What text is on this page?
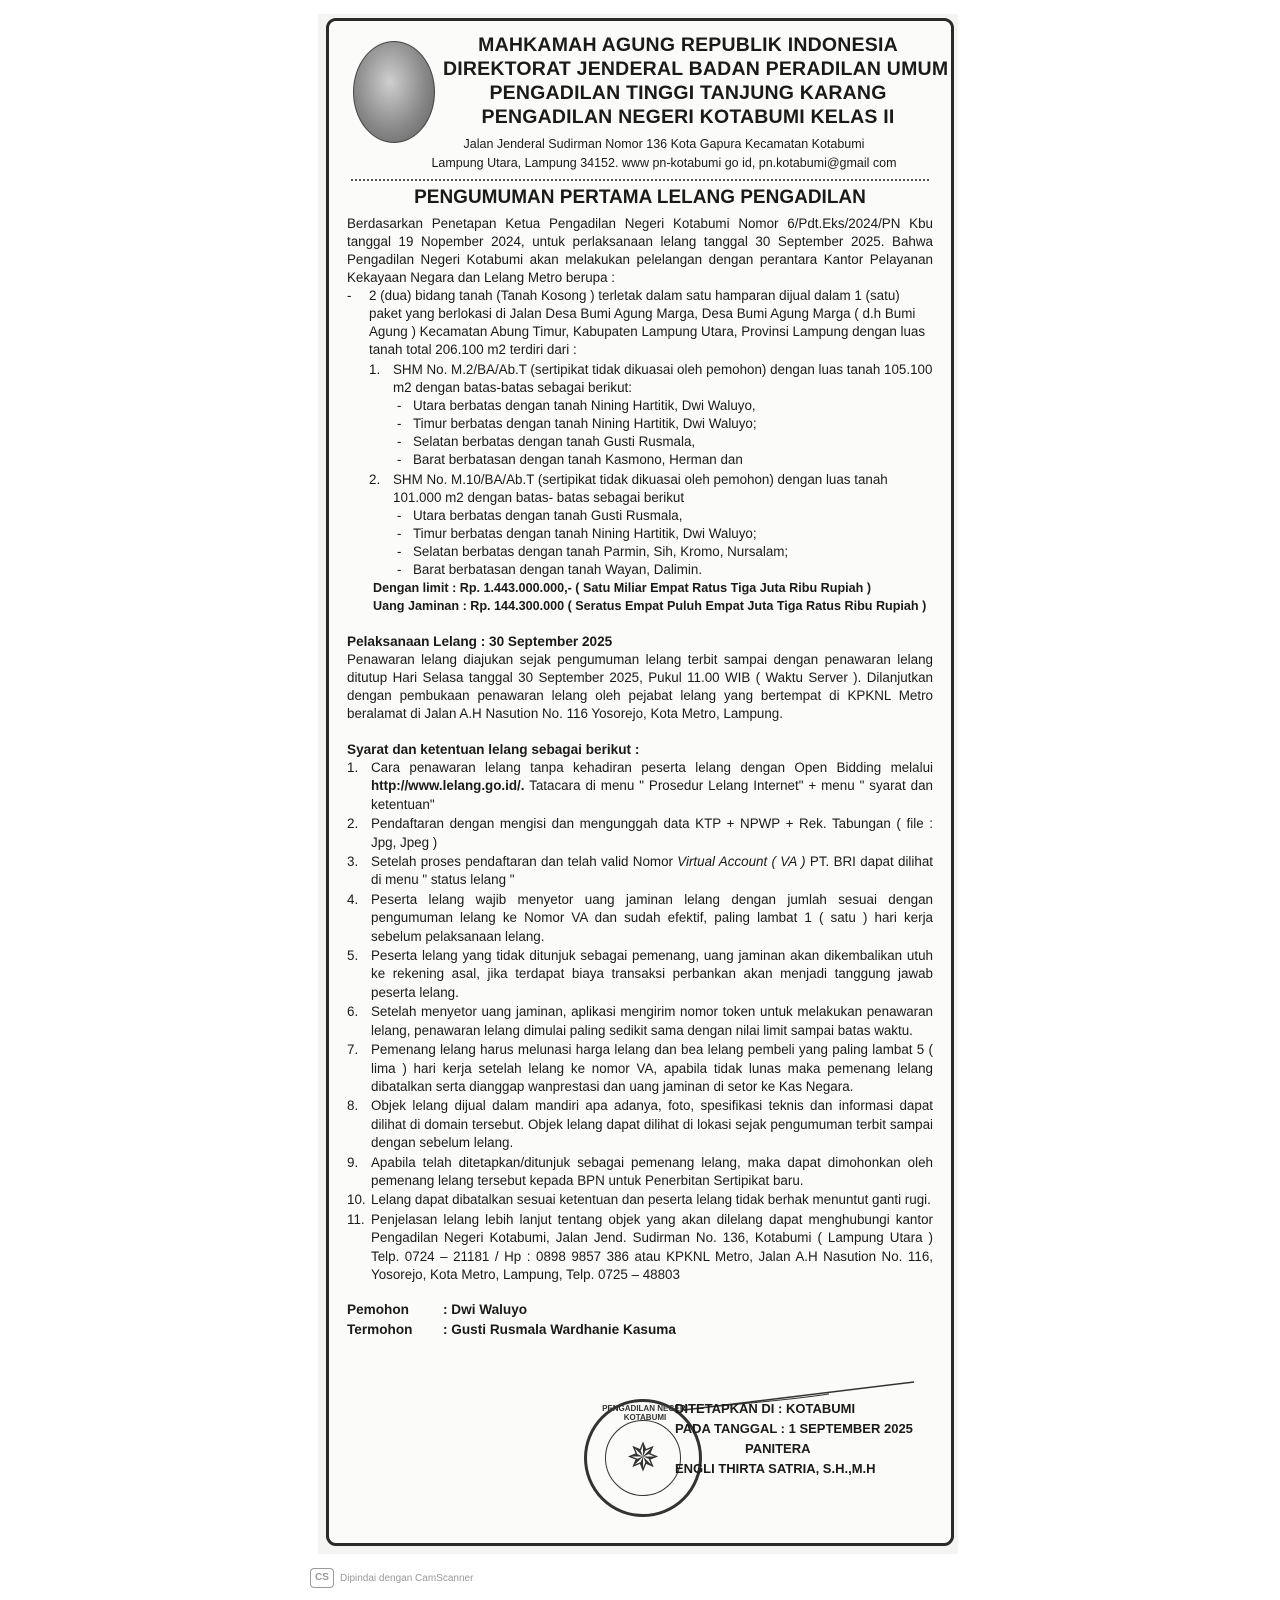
MAHKAMAH AGUNG REPUBLIK INDONESIA
DIREKTORAT JENDERAL BADAN PERADILAN UMUM
PENGADILAN TINGGI TANJUNG KARANG
PENGADILAN NEGERI KOTABUMI KELAS II
Jalan Jenderal Sudirman Nomor 136 Kota Gapura Kecamatan Kotabumi
Lampung Utara, Lampung 34152. www pn-kotabumi go id, pn.kotabumi@gmail com
PENGUMUMAN PERTAMA LELANG PENGADILAN

Berdasarkan Penetapan Ketua Pengadilan Negeri Kotabumi Nomor 6/Pdt.Eks/2024/PN Kbu tanggal 19 Nopember 2024, untuk perlaksanaan lelang tanggal 30 September 2025. Bahwa Pengadilan Negeri Kotabumi akan melakukan pelelangan dengan perantara Kantor Pelayanan Kekayaan Negara dan Lelang Metro berupa :

- 2 (dua) bidang tanah (Tanah Kosong ) terletak dalam satu hamparan dijual dalam 1 (satu) paket yang berlokasi di Jalan Desa Bumi Agung Marga, Desa Bumi Agung Marga ( d.h Bumi Agung ) Kecamatan Abung Timur, Kabupaten Lampung Utara, Provinsi Lampung dengan luas tanah total 206.100 m2 terdiri dari :
1. SHM No. M.2/BA/Ab.T (sertipikat tidak dikuasai oleh pemohon) dengan luas tanah 105.100 m2 dengan batas-batas sebagai berikut:
- Utara berbatas dengan tanah Nining Hartitik, Dwi Waluyo,
- Timur berbatas dengan tanah Nining Hartitik, Dwi Waluyo;
- Selatan berbatas dengan tanah Gusti Rusmala,
- Barat berbatasan dengan tanah Kasmono, Herman dan
2. SHM No. M.10/BA/Ab.T (sertipikat tidak dikuasai oleh pemohon) dengan luas tanah 101.000 m2 dengan batas- batas sebagai berikut
- Utara berbatas dengan tanah Gusti Rusmala,
- Timur berbatas dengan tanah Nining Hartitik, Dwi Waluyo;
- Selatan berbatas dengan tanah Parmin, Sih, Kromo, Nursalam;
- Barat berbatasan dengan tanah Wayan, Dalimin.
Dengan limit : Rp. 1.443.000.000,- ( Satu Miliar Empat Ratus Tiga Juta Ribu Rupiah )
Uang Jaminan : Rp. 144.300.000 ( Seratus Empat Puluh Empat Juta Tiga Ratus Ribu Rupiah )
Pelaksanaan Lelang : 30 September 2025

Penawaran lelang diajukan sejak pengumuman lelang terbit sampai dengan penawaran lelang ditutup Hari Selasa tanggal 30 September 2025, Pukul 11.00 WIB ( Waktu Server ). Dilanjutkan dengan pembukaan penawaran lelang oleh pejabat lelang yang bertempat di KPKNL Metro beralamat di Jalan A.H Nasution No. 116 Yosorejo, Kota Metro, Lampung.

Syarat dan ketentuan lelang sebagai berikut :
1. Cara penawaran lelang tanpa kehadiran peserta lelang dengan Open Bidding melalui http://www.lelang.go.id/. Tatacara di menu " Prosedur Lelang Internet" + menu " syarat dan ketentuan"
2. Pendaftaran dengan mengisi dan mengunggah data KTP + NPWP + Rek. Tabungan ( file : Jpg, Jpeg )
3. Setelah proses pendaftaran dan telah valid Nomor Virtual Account ( VA ) PT. BRI dapat dilihat di menu " status lelang "
4. Peserta lelang wajib menyetor uang jaminan lelang dengan jumlah sesuai dengan pengumuman lelang ke Nomor VA dan sudah efektif, paling lambat 1 ( satu ) hari kerja sebelum pelaksanaan lelang.
5. Peserta lelang yang tidak ditunjuk sebagai pemenang, uang jaminan akan dikembalikan utuh ke rekening asal, jika terdapat biaya transaksi perbankan akan menjadi tanggung jawab peserta lelang.
6. Setelah menyetor uang jaminan, aplikasi mengirim nomor token untuk melakukan penawaran lelang, penawaran lelang dimulai paling sedikit sama dengan nilai limit sampai batas waktu.
7. Pemenang lelang harus melunasi harga lelang dan bea lelang pembeli yang paling lambat 5 ( lima ) hari kerja setelah lelang ke nomor VA, apabila tidak lunas maka pemenang lelang dibatalkan serta dianggap wanprestasi dan uang jaminan di setor ke Kas Negara.
8. Objek lelang dijual dalam mandiri apa adanya, foto, spesifikasi teknis dan informasi dapat dilihat di domain tersebut. Objek lelang dapat dilihat di lokasi sejak pengumuman terbit sampai dengan sebelum lelang.
9. Apabila telah ditetapkan/ditunjuk sebagai pemenang lelang, maka dapat dimohonkan oleh pemenang lelang tersebut kepada BPN untuk Penerbitan Sertipikat baru.
10. Lelang dapat dibatalkan sesuai ketentuan dan peserta lelang tidak berhak menuntut ganti rugi.
11. Penjelasan lelang lebih lanjut tentang objek yang akan dilelang dapat menghubungi kantor Pengadilan Negeri Kotabumi, Jalan Jend. Sudirman No. 136, Kotabumi ( Lampung Utara ) Telp. 0724 – 21181 / Hp : 0898 9857 386 atau KPKNL Metro, Jalan A.H Nasution No. 116, Yosorejo, Kota Metro, Lampung, Telp. 0725 – 48803
Pemohon	: Dwi Waluyo
Termohon	: Gusti Rusmala Wardhanie Kasuma
PENGADILAN NEGERI KOTABUMI
✵
DITETAPKAN DI : KOTABUMI
PADA TANGGAL : 1 SEPTEMBER 2025
PANITERA
ENGLI THIRTA SATRIA, S.H.,M.H
CS	Dipindai dengan CamScanner
